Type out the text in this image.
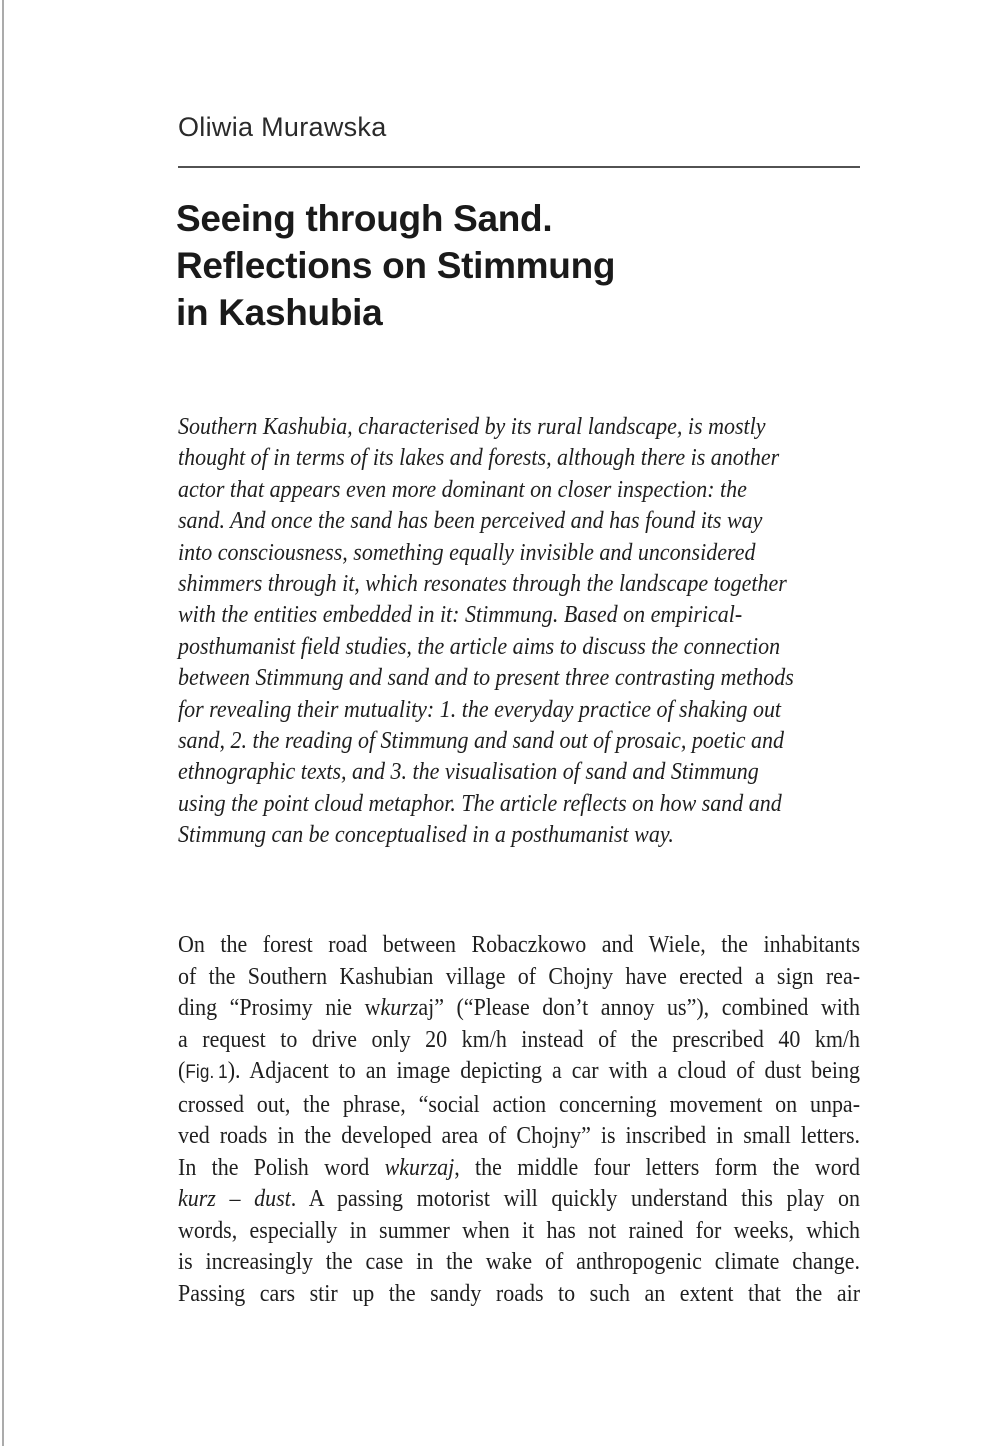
Oliwia Murawska
Seeing through Sand.
Reflections on Stimmung
in Kashubia
Southern Kashubia, characterised by its rural landscape, is mostly
thought of in terms of its lakes and forests, although there is another
actor that appears even more dominant on closer inspection: the
sand. And once the sand has been perceived and has found its way
into consciousness, something equally invisible and unconsidered
shimmers through it, which resonates through the landscape together
with the entities embedded in it: Stimmung. Based on empirical-
posthumanist field studies, the article aims to discuss the connection
between Stimmung and sand and to present three contrasting methods
for revealing their mutuality: 1. the everyday practice of shaking out
sand, 2. the reading of Stimmung and sand out of prosaic, poetic and
ethnographic texts, and 3. the visualisation of sand and Stimmung
using the point cloud metaphor. The article reflects on how sand and
Stimmung can be conceptualised in a posthumanist way.
On the forest road between Robaczkowo and Wiele, the inhabitants
of the Southern Kashubian village of Chojny have erected a sign rea-
ding “Prosimy nie wkurzaj” (“Please don’t annoy us”), combined with
a request to drive only 20 km/h instead of the prescribed 40 km/h
(Fig. 1). Adjacent to an image depicting a car with a cloud of dust being
crossed out, the phrase, “social action concerning movement on unpa-
ved roads in the developed area of Chojny” is inscribed in small letters.
In the Polish word wkurzaj, the middle four letters form the word
kurz – dust. A passing motorist will quickly understand this play on
words, especially in summer when it has not rained for weeks, which
is increasingly the case in the wake of anthropogenic climate change.
Passing cars stir up the sandy roads to such an extent that the air
